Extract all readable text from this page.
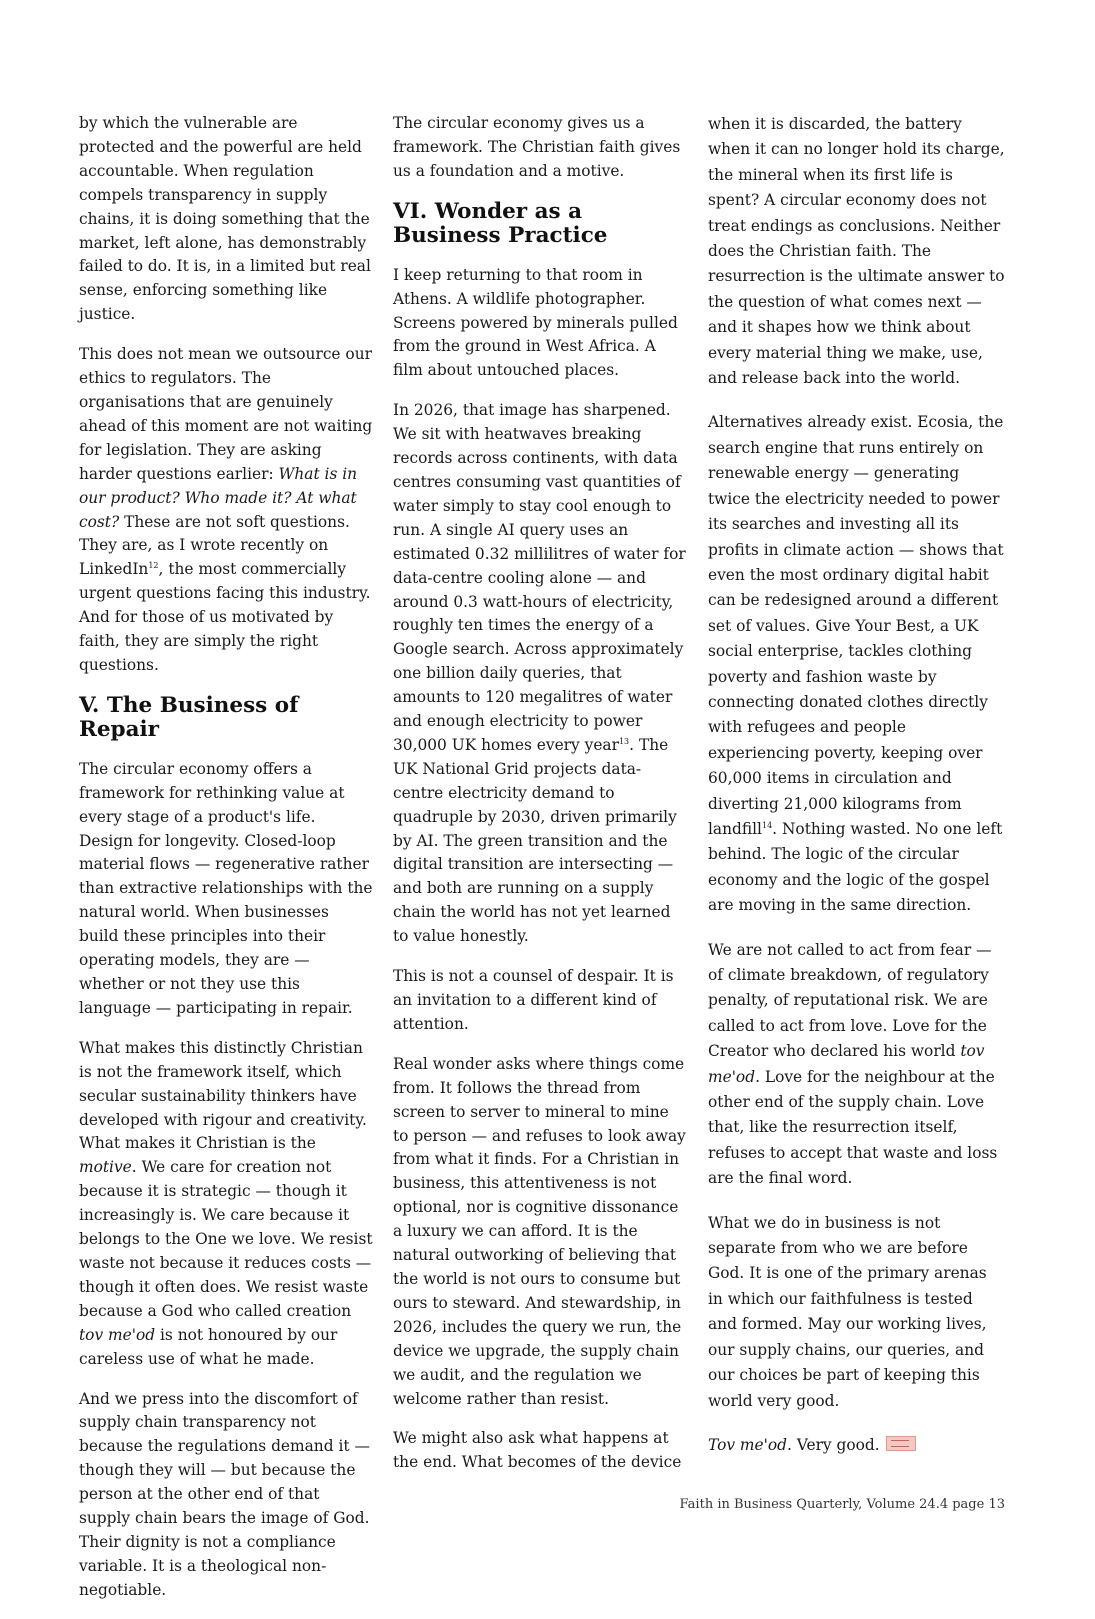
by which the vulnerable are protected and the powerful are held accountable. When regulation compels transparency in supply chains, it is doing something that the market, left alone, has demonstrably failed to do. It is, in a limited but real sense, enforcing something like justice.

This does not mean we outsource our ethics to regulators. The organisations that are genuinely ahead of this moment are not waiting for legislation. They are asking harder questions earlier: What is in our product? Who made it? At what cost? These are not soft questions. They are, as I wrote recently on LinkedIn$^{12}$, the most commercially urgent questions facing this industry. And for those of us motivated by faith, they are simply the right questions.

V. The Business of Repair

The circular economy offers a framework for rethinking value at every stage of a product's life. Design for longevity. Closed-loop material flows — regenerative rather than extractive relationships with the natural world. When businesses build these principles into their operating models, they are — whether or not they use this language — participating in repair.

What makes this distinctly Christian is not the framework itself, which secular sustainability thinkers have developed with rigour and creativity. What makes it Christian is the motive. We care for creation not because it is strategic — though it increasingly is. We care because it belongs to the One we love. We resist waste not because it reduces costs — though it often does. We resist waste because a God who called creation tov me'od is not honoured by our careless use of what he made.

And we press into the discomfort of supply chain transparency not because the regulations demand it — though they will — but because the person at the other end of that supply chain bears the image of God. Their dignity is not a compliance variable. It is a theological non-negotiable.

The circular economy gives us a framework. The Christian faith gives us a foundation and a motive.

VI. Wonder as a Business Practice

I keep returning to that room in Athens. A wildlife photographer. Screens powered by minerals pulled from the ground in West Africa. A film about untouched places.

In 2026, that image has sharpened. We sit with heatwaves breaking records across continents, with data centres consuming vast quantities of water simply to stay cool enough to run. A single AI query uses an estimated 0.32 millilitres of water for data-centre cooling alone — and around 0.3 watt-hours of electricity, roughly ten times the energy of a Google search. Across approximately one billion daily queries, that amounts to 120 megalitres of water and enough electricity to power 30,000 UK homes every year$^{13}$. The UK National Grid projects data-centre electricity demand to quadruple by 2030, driven primarily by AI. The green transition and the digital transition are intersecting — and both are running on a supply chain the world has not yet learned to value honestly.

This is not a counsel of despair. It is an invitation to a different kind of attention.

Real wonder asks where things come from. It follows the thread from screen to server to mineral to mine to person — and refuses to look away from what it finds. For a Christian in business, this attentiveness is not optional, nor is cognitive dissonance a luxury we can afford. It is the natural outworking of believing that the world is not ours to consume but ours to steward. And stewardship, in 2026, includes the query we run, the device we upgrade, the supply chain we audit, and the regulation we welcome rather than resist.

We might also ask what happens at the end. What becomes of the device

when it is discarded, the battery when it can no longer hold its charge, the mineral when its first life is spent? A circular economy does not treat endings as conclusions. Neither does the Christian faith. The resurrection is the ultimate answer to the question of what comes next — and it shapes how we think about every material thing we make, use, and release back into the world.

Alternatives already exist. Ecosia, the search engine that runs entirely on renewable energy — generating twice the electricity needed to power its searches and investing all its profits in climate action — shows that even the most ordinary digital habit can be redesigned around a different set of values. Give Your Best, a UK social enterprise, tackles clothing poverty and fashion waste by connecting donated clothes directly with refugees and people experiencing poverty, keeping over 60,000 items in circulation and diverting 21,000 kilograms from landfill$^{14}$. Nothing wasted. No one left behind. The logic of the circular economy and the logic of the gospel are moving in the same direction.

We are not called to act from fear — of climate breakdown, of regulatory penalty, of reputational risk. We are called to act from love. Love for the Creator who declared his world tov me'od. Love for the neighbour at the other end of the supply chain. Love that, like the resurrection itself, refuses to accept that waste and loss are the final word.

What we do in business is not separate from who we are before God. It is one of the primary arenas in which our faithfulness is tested and formed. May our working lives, our supply chains, our queries, and our choices be part of keeping this world very good.

Tov me'od. Very good.

Faith in Business Quarterly, Volume 24.4 page 13
